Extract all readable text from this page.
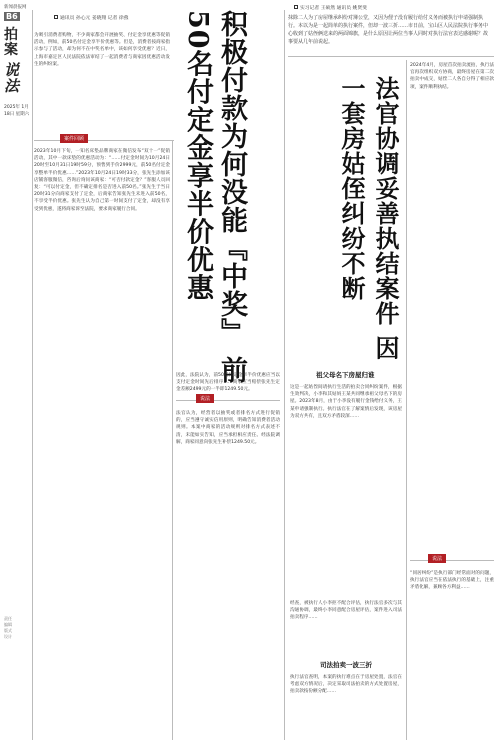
新闻晨报网
B6
拍案
说法
2025年 1月18日 星期六
责任编辑 版式设计
通讯员 孙心元 姜晓翔 记者 徐燕
为吸引消费者购物，不少商家都会开展抽奖、付定金享优惠等促销活动，例如，前50名付定金享半价优惠等。但是，消费者按商家指示参与了活动，却为何不在中奖名单中，该如何享受优惠？近日，上海市嘉定区人民法院依法审结了一起消费者与商家因优惠活动发生的纠纷案。	积极付款为何没能『中奖』 前50名付定金享半价优惠
案件回顾
2023年10月下旬，一知名床垫品牌商家在微信发布“双十一”促销活动，其中一款床垫的优惠活动为：“……付定金时间为10月24日20时至10月31日19时59分，预售到手价2999元，前50名付定金享整单半价优惠……”2023年10月24日19时33分，张先生添加该店铺客服微信，咨询后询问该商家：“可否付款定金？”客服人员回复：“可以付定金，但不确定排名是否进入前50名。”张先生于当日20时31分向商家支付了定金，后商家告知张先生未进入前50名，不享受半价优惠。张先生认为自己第一时间支付了定金，却没有享受到优惠，遂将商家诉至法院，要求商家履行合同。
因此，法院认为，前50名付定金享半价优惠应当以支付定金时间先后排序……商家应当赔偿张先生定金差额2499元的一半即1249.50元。
说法
法官认为，经营者以抽奖或者排名方式进行促销的，应当遵守诚实信用原则，明确告知消费者活动规则。本案中商家的活动规则对排名方式表述不清，未能如实告知，应当承担相应责任。经法院调解，商家同意向张先生补偿1249.50元。
实习记者 王硕然 通讯员 姚贤斐
抹除二人为了房屋继承纠纷对簿公堂，又因为俚子没有履行给付义务而被执行申请强制执行。本以为是一起简单的执行案件，但却一波三折……市日前，宝山区人民法院执行事务中心收到了姑侄俩送来的两面锦旗，是什么原因让两位当事人同时对执行法官表达感谢呢？故事要从几年前说起。
法官协调妥善执结案件 因一套房姑侄纠纷不断
祖父母名下房屋归谁
这是一起姑侄间请执行生活的拍卖合同纠纷案件，根据生效判决，小李和其姑妈王某共同继承祖父母名下的房屋。2023年8月，由于小李没有履行金钱给付义务，王某申请强制执行。执行法官在了解案情后发现，该房屋为双方共有，且双方矛盾较深……
经查，被执行人小李拒不配合评估，执行法官多次与其沟通协调，最终小李同意配合房屋评估，案件进入司法拍卖程序……
司法拍卖一波三折
执行法官查明，本案的执行难点在于房屋处置，法官在考虑双方情况后，决定采取司法拍卖的方式处置房屋，拍卖款按份额分配……
2024年4月，房屋首次拍卖流拍，执行法官再次组织双方协商，最终房屋在第二次拍卖中成交，姑侄二人各自分得了相应款项，案件顺利执结。
说法
“同居纠纷”是执行部门经常面对的问题，执行法官应当在依法执行的基础上，注重矛盾化解，兼顾各方利益……
